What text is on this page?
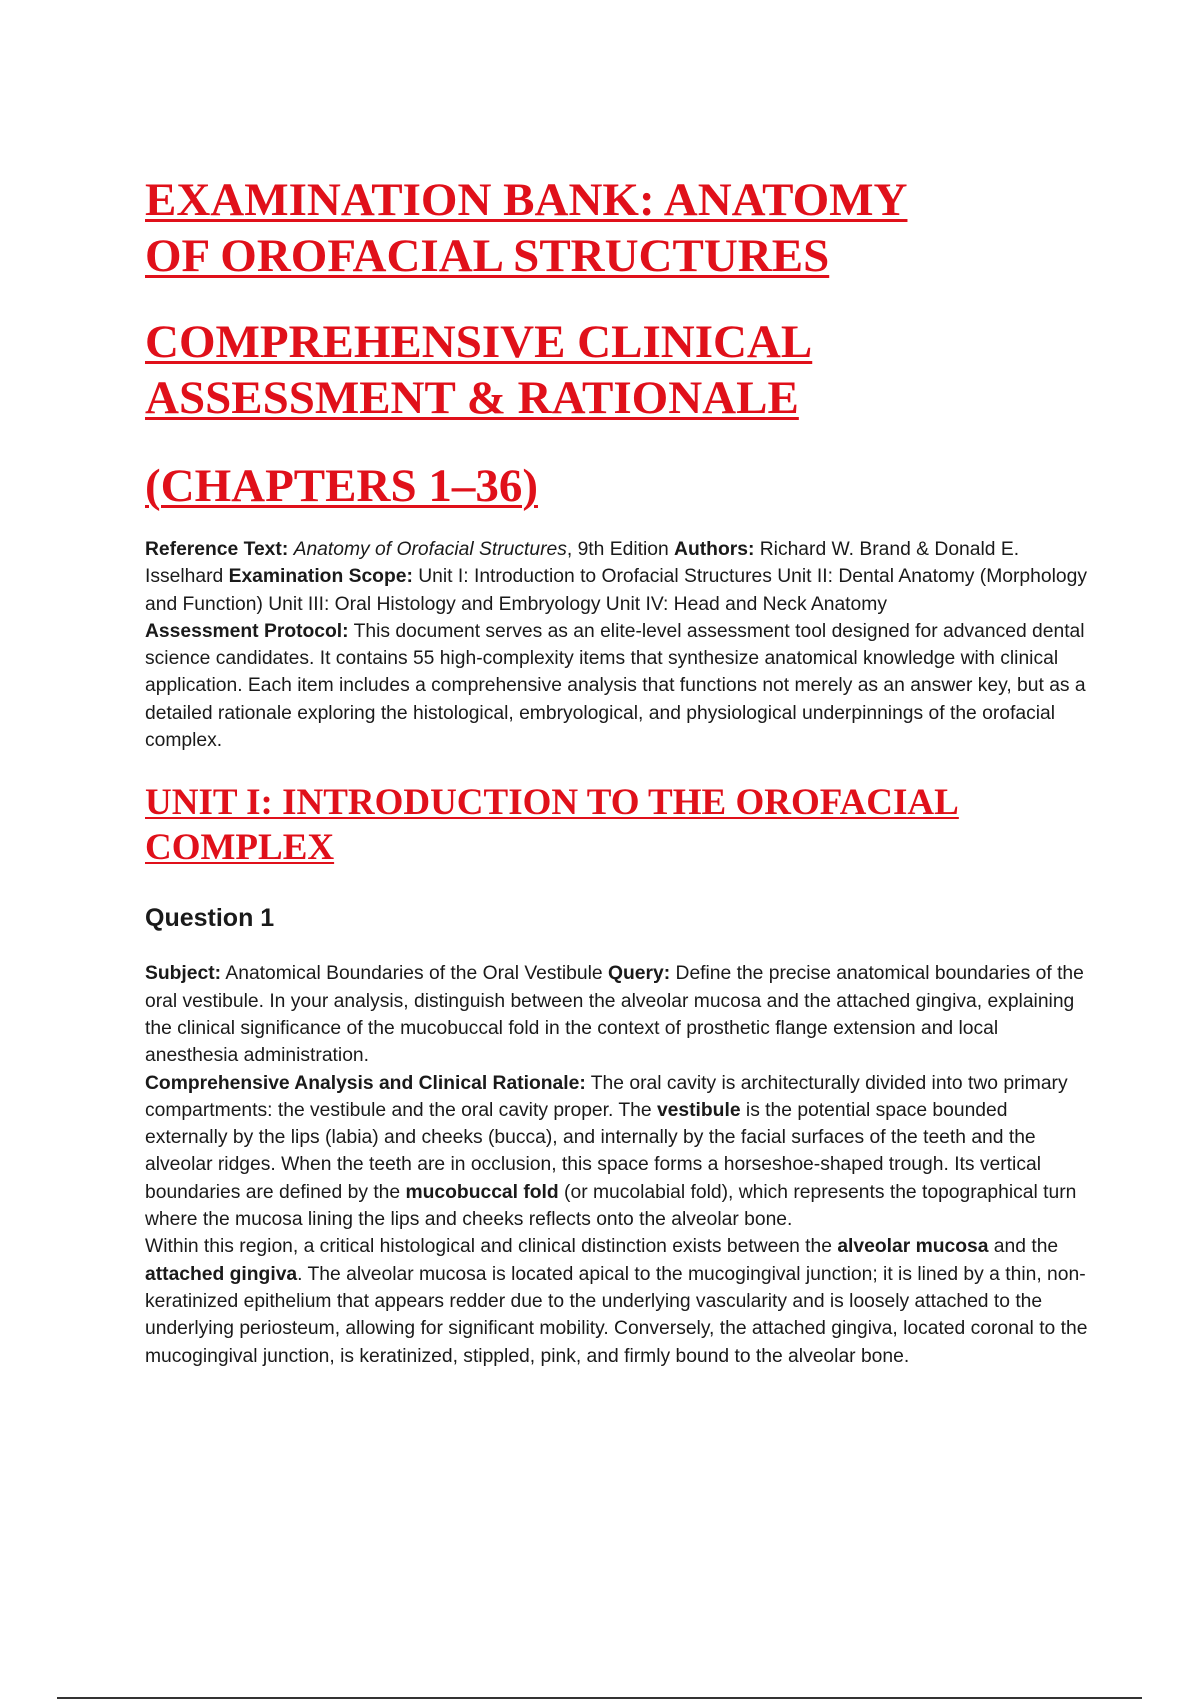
EXAMINATION BANK: ANATOMY
OF OROFACIAL STRUCTURES
COMPREHENSIVE CLINICAL
ASSESSMENT & RATIONALE
(CHAPTERS 1–36)

Reference Text: Anatomy of Orofacial Structures, 9th Edition Authors: Richard W. Brand & Donald E. Isselhard Examination Scope: Unit I: Introduction to Orofacial Structures Unit II: Dental Anatomy (Morphology and Function) Unit III: Oral Histology and Embryology Unit IV: Head and Neck Anatomy

Assessment Protocol: This document serves as an elite-level assessment tool designed for advanced dental science candidates. It contains 55 high-complexity items that synthesize anatomical knowledge with clinical application. Each item includes a comprehensive analysis that functions not merely as an answer key, but as a detailed rationale exploring the histological, embryological, and physiological underpinnings of the orofacial complex.

UNIT I: INTRODUCTION TO THE OROFACIAL
COMPLEX
Question 1

Subject: Anatomical Boundaries of the Oral Vestibule Query: Define the precise anatomical boundaries of the oral vestibule. In your analysis, distinguish between the alveolar mucosa and the attached gingiva, explaining the clinical significance of the mucobuccal fold in the context of prosthetic flange extension and local anesthesia administration.

Comprehensive Analysis and Clinical Rationale: The oral cavity is architecturally divided into two primary compartments: the vestibule and the oral cavity proper. The vestibule is the potential space bounded externally by the lips (labia) and cheeks (bucca), and internally by the facial surfaces of the teeth and the alveolar ridges. When the teeth are in occlusion, this space forms a horseshoe-shaped trough. Its vertical boundaries are defined by the mucobuccal fold (or mucolabial fold), which represents the topographical turn where the mucosa lining the lips and cheeks reflects onto the alveolar bone.

Within this region, a critical histological and clinical distinction exists between the alveolar mucosa and the attached gingiva. The alveolar mucosa is located apical to the mucogingival junction; it is lined by a thin, non-keratinized epithelium that appears redder due to the underlying vascularity and is loosely attached to the underlying periosteum, allowing for significant mobility. Conversely, the attached gingiva, located coronal to the mucogingival junction, is keratinized, stippled, pink, and firmly bound to the alveolar bone.
